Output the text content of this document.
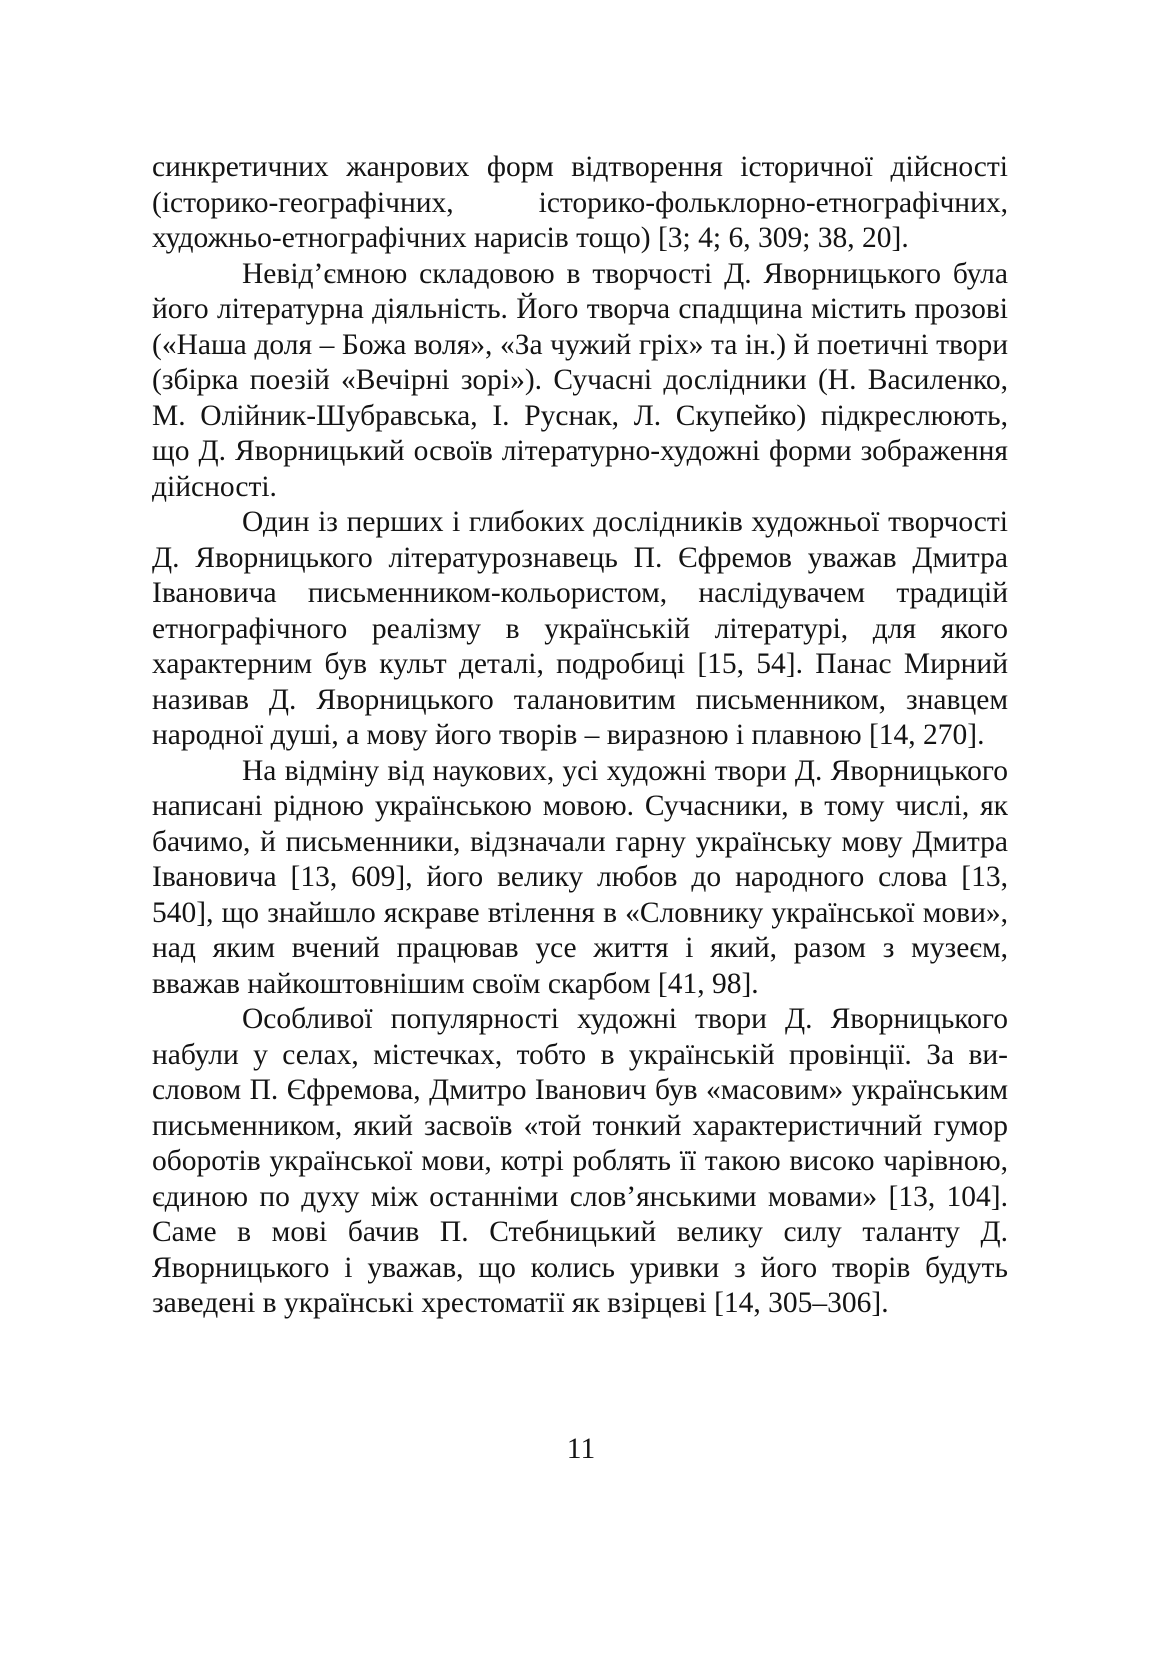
синкретичних жанрових форм відтворення історичної дійсності (історико-географічних, історико-фольклорно-етнографічних, художньо-етнографічних нарисів тощо) [3; 4; 6, 309; 38, 20].

Невід’ємною складовою в творчості Д. Яворницького була його літературна діяльність. Його творча спадщина містить прозові («Наша доля – Божа воля», «За чужий гріх» та ін.) й поетичні твори (збірка поезій «Вечірні зорі»). Сучасні дослідники (Н. Василенко, М. Олійник-Шубравська, І. Руснак, Л. Скупейко) підкреслюють, що Д. Яворницький освоїв літературно-художні форми зображення дійсності.

Один із перших і глибоких дослідників художньої творчості Д. Яворницького літературознавець П. Єфремов уважав Дмитра Івановича письменником-кольористом, наслідувачем традицій етнографічного реалізму в українській літературі, для якого характерним був культ деталі, подробиці [15, 54]. Панас Мирний називав Д. Яворницького талановитим письменником, знавцем народної душі, а мову його творів – виразною і плавною [14, 270].

На відміну від наукових, усі художні твори Д. Яворницького написані рідною українською мовою. Сучасники, в тому числі, як бачимо, й письменники, відзначали гарну українську мову Дмитра Івановича [13, 609], його велику любов до народного слова [13, 540], що знайшло яскраве втілення в «Словнику української мови», над яким вчений працював усе життя і який, разом з музеєм, вважав найкоштовнішим своїм скарбом [41, 98].

Особливої популярності художні твори Д. Яворницького набули у селах, містечках, тобто в українській провінції. За висловом П. Єфремова, Дмитро Іванович був «масовим» українським письменником, який засвоїв «той тонкий характеристичний гумор оборотів української мови, котрі роблять її такою високо чарівною, єдиною по духу між останніми слов’янськими мовами» [13, 104]. Саме в мові бачив П. Стебницький велику силу таланту Д. Яворницького і уважав, що колись уривки з його творів будуть заведені в українські хрестоматії як взірцеві [14, 305–306].

11
